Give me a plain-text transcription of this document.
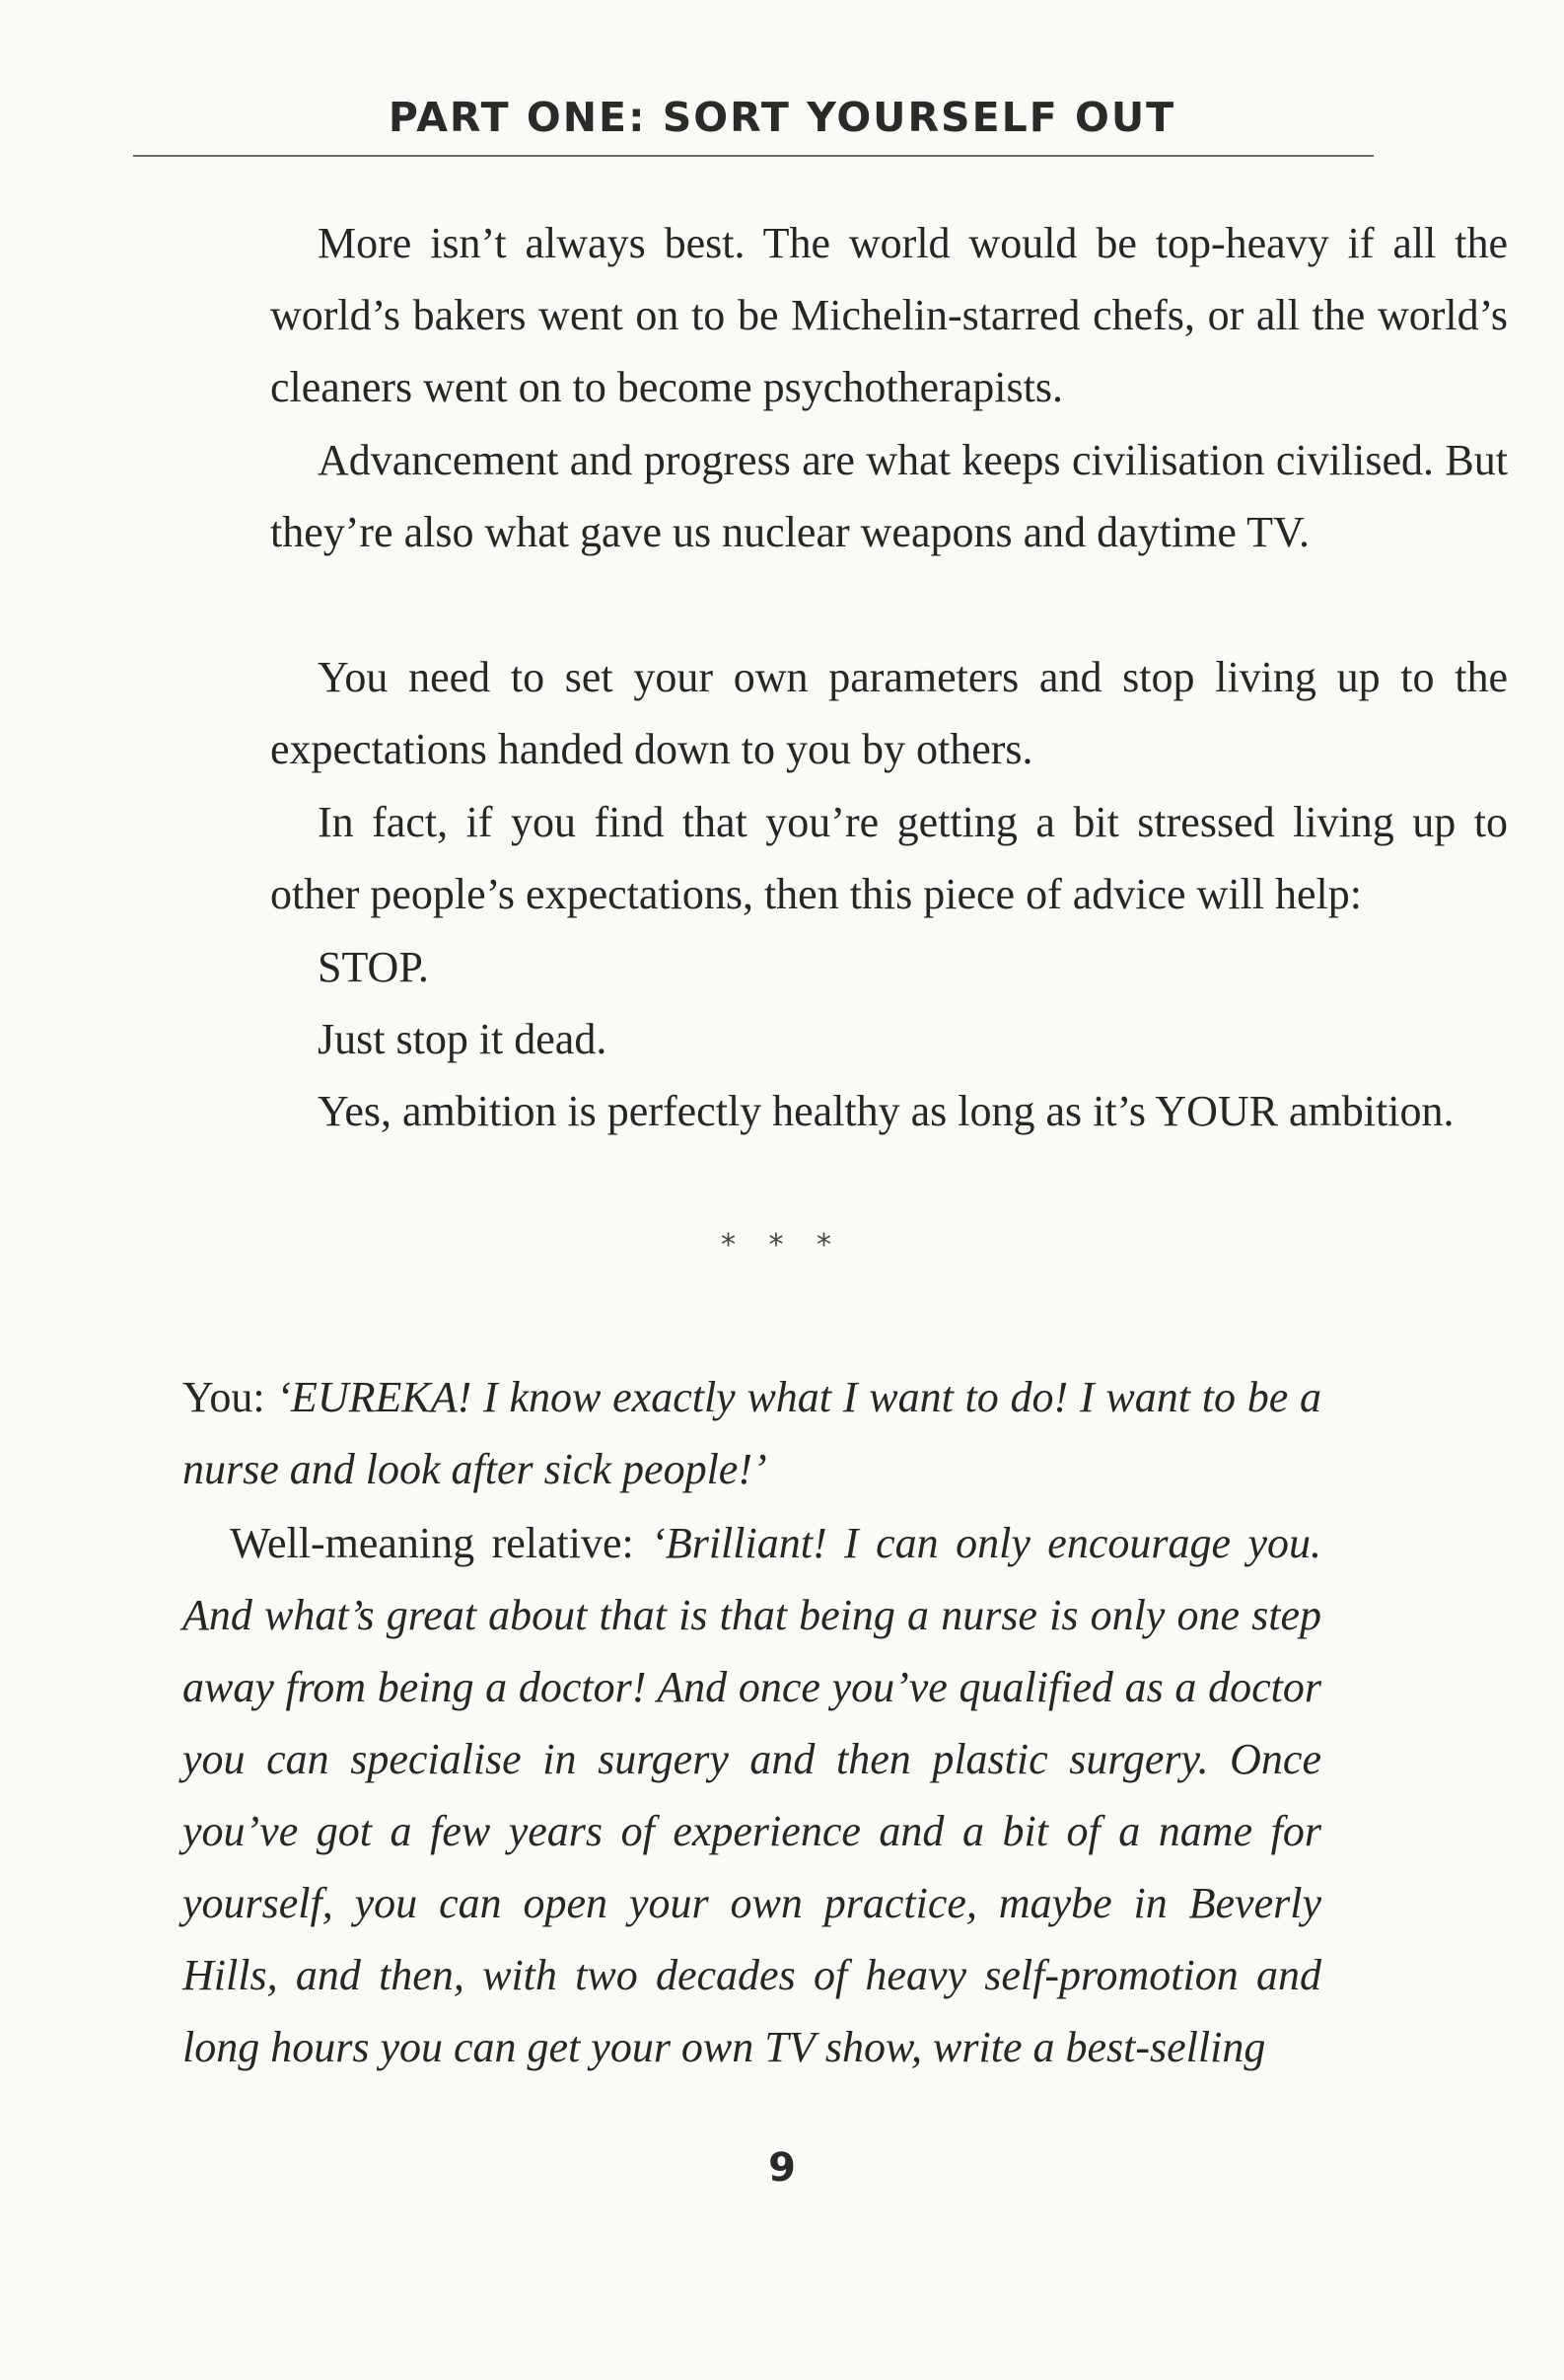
PART ONE: SORT YOURSELF OUT

More isn’t always best. The world would be top-heavy if all the world’s bakers went on to be Michelin-starred chefs, or all the world’s cleaners went on to become psychotherapists.

Advancement and progress are what keeps civilisation civilised. But they’re also what gave us nuclear weapons and daytime TV.

You need to set your own parameters and stop living up to the expectations handed down to you by others.

In fact, if you find that you’re getting a bit stressed living up to other people’s expectations, then this piece of advice will help:

STOP.

Just stop it dead.

Yes, ambition is perfectly healthy as long as it’s YOUR ambition.

* * *

You: ‘EUREKA! I know exactly what I want to do! I want to be a nurse and look after sick people!’

Well-meaning relative: ‘Brilliant! I can only encourage you. And what’s great about that is that being a nurse is only one step away from being a doctor! And once you’ve qualified as a doctor you can specialise in surgery and then plastic surgery. Once you’ve got a few years of experience and a bit of a name for yourself, you can open your own practice, maybe in Beverly Hills, and then, with two decades of heavy self-promotion and long hours you can get your own TV show, write a best-selling

9
